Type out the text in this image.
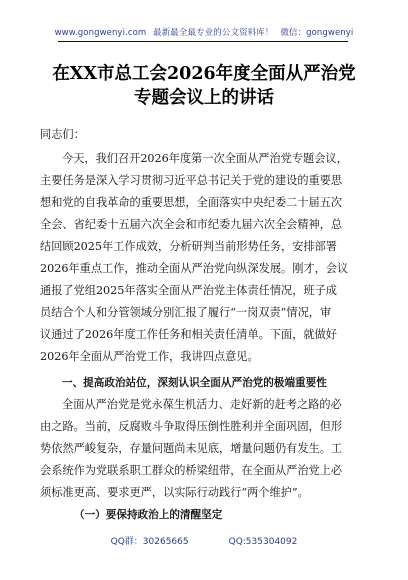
www.gongwenyi.com 最新最全最专业的公文资料库！ 微信：gongwenyi
在XX市总工会2026年度全面从严治党
专题会议上的讲话
同志们：
今天，我们召开2026年度第一次全面从严治党专题会议，
主要任务是深入学习贯彻习近平总书记关于党的建设的重要思
想和党的自我革命的重要思想，全面落实中央纪委二十届五次
全会、省纪委十五届六次全会和市纪委九届六次全会精神，总
结回顾2025年工作成效，分析研判当前形势任务，安排部署
2026年重点工作，推动全面从严治党向纵深发展。刚才，会议
通报了党组2025年落实全面从严治党主体责任情况，班子成
员结合个人和分管领域分别汇报了履行“一岗双责”情况，审
议通过了2026年度工作任务和相关责任清单。下面，就做好
2026年全面从严治党工作，我讲四点意见。
一、提高政治站位，深刻认识全面从严治党的极端重要性
全面从严治党是党永葆生机活力、走好新的赶考之路的必
由之路。当前，反腐败斗争取得压倒性胜利并全面巩固，但形
势依然严峻复杂，存量问题尚未见底，增量问题仍有发生。工
会系统作为党联系职工群众的桥梁纽带，在全面从严治党上必
须标准更高、要求更严，以实际行动践行“两个维护”。
QQ群：30265665	QQ:535304092
（一）要保持政治上的清醒坚定
